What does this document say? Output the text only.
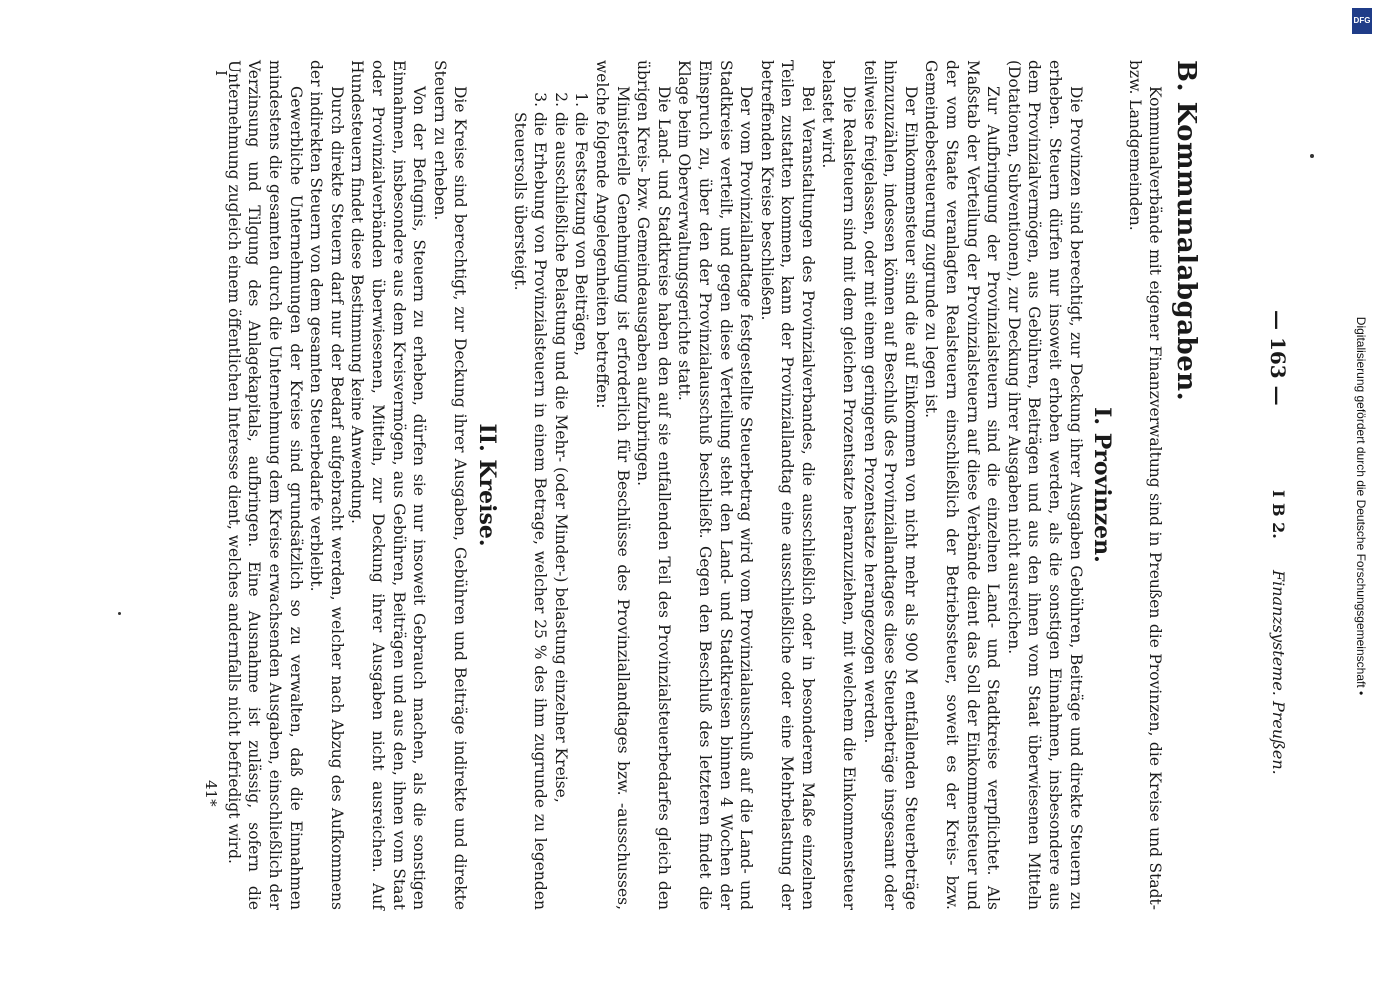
— 163 —
I B 2.
Finanzsysteme. Preußen.
B. Kommunalabgaben.

Kommunalverbände mit eigener Finanzverwaltung sind in Preußen die Provinzen, die Kreise und Stadt- bzw. Landgemeinden.

I. Provinzen.

Die Provinzen sind berechtigt, zur Deckung ihrer Ausgaben Gebühren, Beiträge und direkte Steuern zu erheben. Steuern dürfen nur insoweit erhoben werden, als die sonstigen Einnahmen, insbesondere aus dem Provinzialvermögen, aus Gebühren, Beiträgen und aus den ihnen vom Staat überwiesenen Mitteln (Dotationen, Subventionen), zur Deckung ihrer Ausgaben nicht ausreichen.

Zur Aufbringung der Provinzialsteuern sind die einzelnen Land- und Stadtkreise verpflichtet. Als Maßstab der Verteilung der Provinzialsteuern auf diese Verbände dient das Soll der Einkommensteuer und der vom Staate veranlagten Realsteuern einschließlich der Betriebssteuer, soweit es der Kreis- bzw. Gemeindebesteuerung zugrunde zu legen ist.

Der Einkommensteuer sind die auf Einkommen von nicht mehr als 900 M entfallenden Steuerbeträge hinzuzuzählen, indessen können auf Beschluß des Provinziallandtages diese Steuerbeträge insgesamt oder teilweise freigelassen, oder mit einem geringeren Prozentsatze herangezogen werden.

Die Realsteuern sind mit dem gleichen Prozentsatze heranzuziehen, mit welchem die Einkommensteuer belastet wird.

Bei Veranstaltungen des Provinzialverbandes, die ausschließlich oder in besonderem Maße einzelnen Teilen zustatten kommen, kann der Provinziallandtag eine ausschließliche oder eine Mehrbelastung der betreffenden Kreise beschließen.

Der vom Provinziallandtage festgestellte Steuerbetrag wird vom Provinzialausschuß auf die Land- und Stadtkreise verteilt, und gegen diese Verteilung steht den Land- und Stadtkreisen binnen 4 Wochen der Einspruch zu, über den der Provinzialausschuß beschließt. Gegen den Beschluß des letzteren findet die Klage beim Oberverwaltungsgerichte statt.

Die Land- und Stadtkreise haben den auf sie entfallenden Teil des Provinzialsteuerbedarfes gleich den übrigen Kreis- bzw. Gemeindeausgaben aufzubringen.

Ministerielle Genehmigung ist erforderlich für Beschlüsse des Provinziallandtages bzw. -ausschusses, welche folgende Angelegenheiten betreffen:

1. die Festsetzung von Beiträgen,
2. die ausschließliche Belastung und die Mehr- (oder Minder-) belastung einzelner Kreise,
3. die Erhebung von Provinzialsteuern in einem Betrage, welcher 25 % des ihm zugrunde zu legenden Steuersolls übersteigt.
II. Kreise.

Die Kreise sind berechtigt, zur Deckung ihrer Ausgaben, Gebühren und Beiträge indirekte und direkte Steuern zu erheben.

Von der Befugnis, Steuern zu erheben, dürfen sie nur insoweit Gebrauch machen, als die sonstigen Einnahmen, insbesondere aus dem Kreisvermögen, aus Gebühren, Beiträgen und aus den, ihnen vom Staat oder Provinzialverbänden überwiesenen, Mitteln, zur Deckung ihrer Ausgaben nicht ausreichen. Auf Hundesteuern findet diese Bestimmung keine Anwendung.

Durch direkte Steuern darf nur der Bedarf aufgebracht werden, welcher nach Abzug des Aufkommens der indirekten Steuern von dem gesamten Steuerbedarfe verbleibt.

Gewerbliche Unternehmungen der Kreise sind grundsätzlich so zu verwalten, daß die Einnahmen mindestens die gesamten durch die Unternehmung dem Kreise erwachsenden Ausgaben, einschließlich der Verzinsung und Tilgung des Anlagekapitals, aufbringen. Eine Ausnahme ist zulässig, sofern die Unternehmung zugleich einem öffentlichen Interesse dient, welches andernfalls nicht befriedigt wird.

41*
I
DFG
Digitalisierung gefördert durch die Deutsche Forschungsgemeinschaft •
